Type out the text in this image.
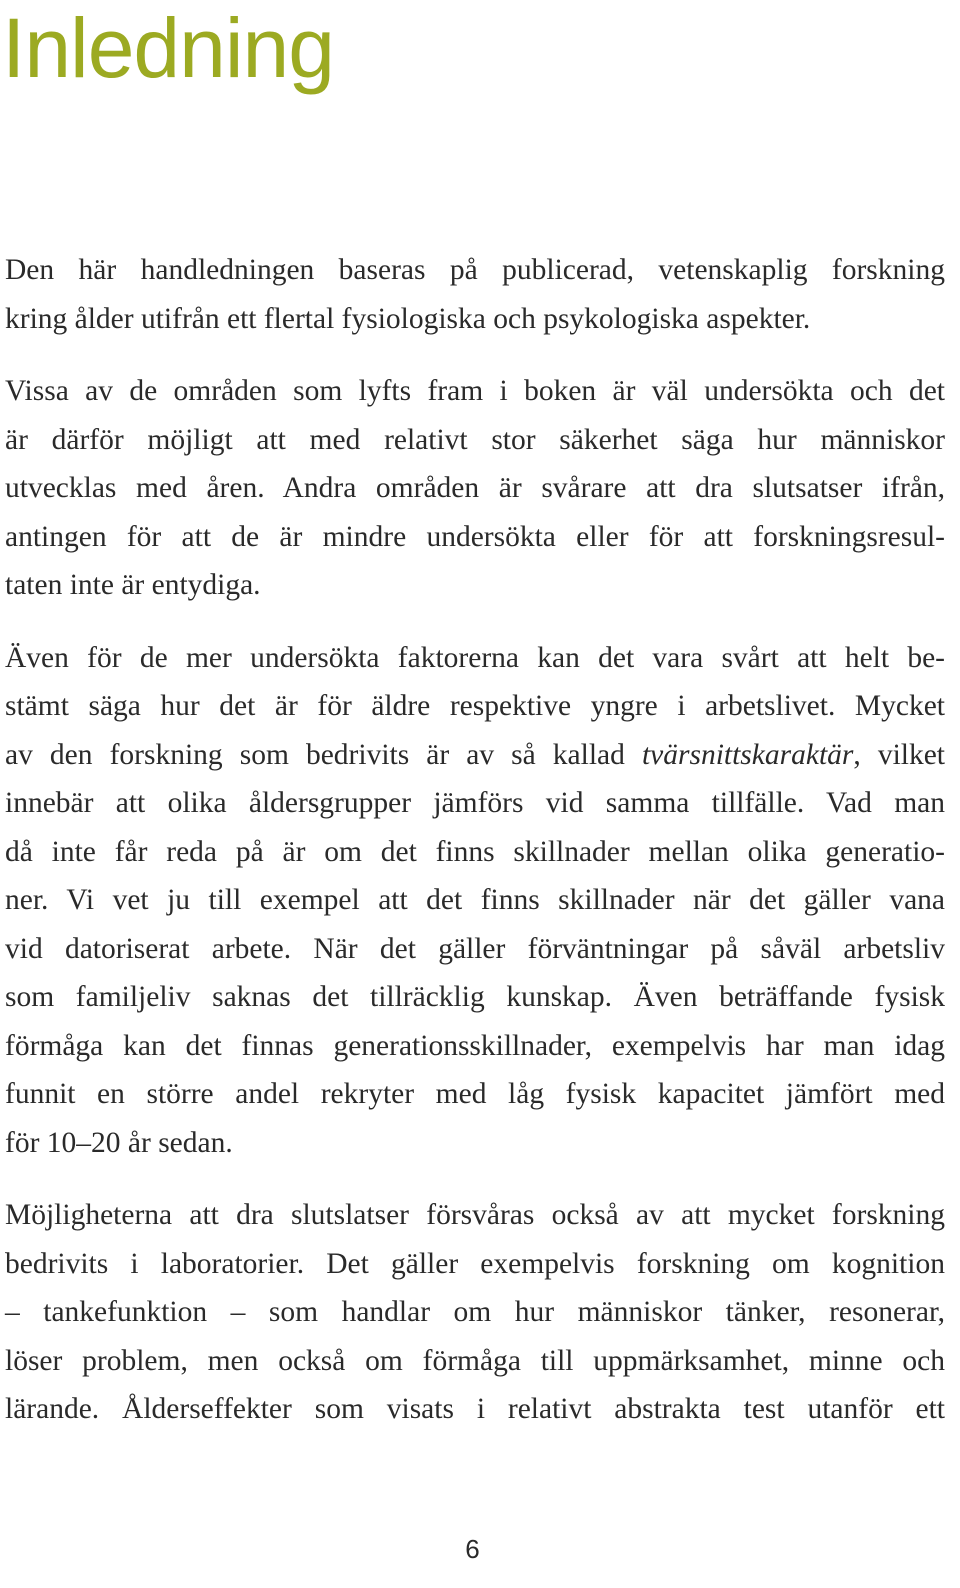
Inledning

Den här handledningen baseras på publicerad, vetenskaplig forskning
kring ålder utifrån ett flertal fysiologiska och psykologiska aspekter.

Vissa av de områden som lyfts fram i boken är väl undersökta och det
är därför möjligt att med relativt stor säkerhet säga hur människor
utvecklas med åren. Andra områden är svårare att dra slutsatser ifrån,
antingen för att de är mindre undersökta eller för att forskningsresul-
taten inte är entydiga.

Även för de mer undersökta faktorerna kan det vara svårt att helt be-
stämt säga hur det är för äldre respektive yngre i arbetslivet. Mycket
av den forskning som bedrivits är av så kallad tvärsnittskaraktär, vilket
innebär att olika åldersgrupper jämförs vid samma tillfälle. Vad man
då inte får reda på är om det finns skillnader mellan olika generatio-
ner. Vi vet ju till exempel att det finns skillnader när det gäller vana
vid datoriserat arbete. När det gäller förväntningar på såväl arbetsliv
som familjeliv saknas det tillräcklig kunskap. Även beträffande fysisk
förmåga kan det finnas generationsskillnader, exempelvis har man idag
funnit en större andel rekryter med låg fysisk kapacitet jämfört med
för 10–20 år sedan.

Möjligheterna att dra slutslatser försvåras också av att mycket forskning
bedrivits i laboratorier. Det gäller exempelvis forskning om kognition
– tankefunktion – som handlar om hur människor tänker, resonerar,
löser problem, men också om förmåga till uppmärksamhet, minne och
lärande. Ålderseffekter som visats i relativt abstrakta test utanför ett

6
